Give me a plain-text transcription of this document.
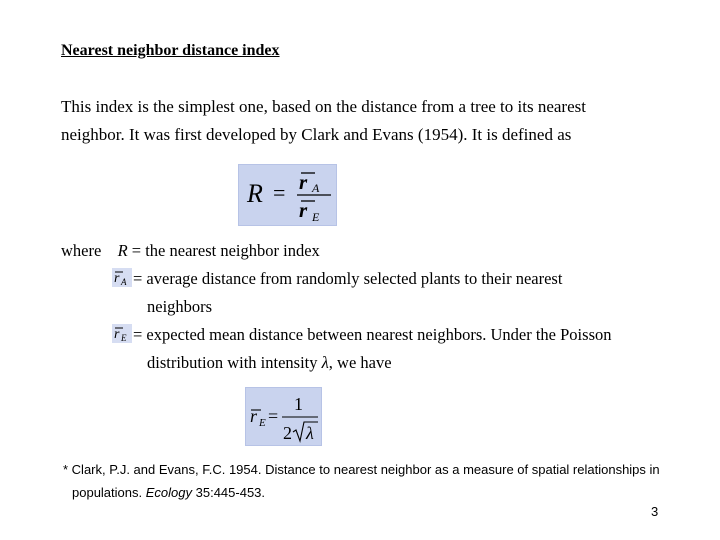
Nearest neighbor distance index
This index is the simplest one, based on the distance from a tree to its nearest
neighbor. It was first developed by Clark and Evans (1954). It is defined as
R = r A
r E
where R = the nearest neighbor index
r A = average distance from randomly selected plants to their nearest
neighbors
r E = expected mean distance between nearest neighbors. Under the Poisson
distribution with intensity λ, we have
r E =
1
2 λ
* Clark, P.J. and Evans, F.C. 1954. Distance to nearest neighbor as a measure of spatial relationships in
populations. Ecology 35:445-453.
3
